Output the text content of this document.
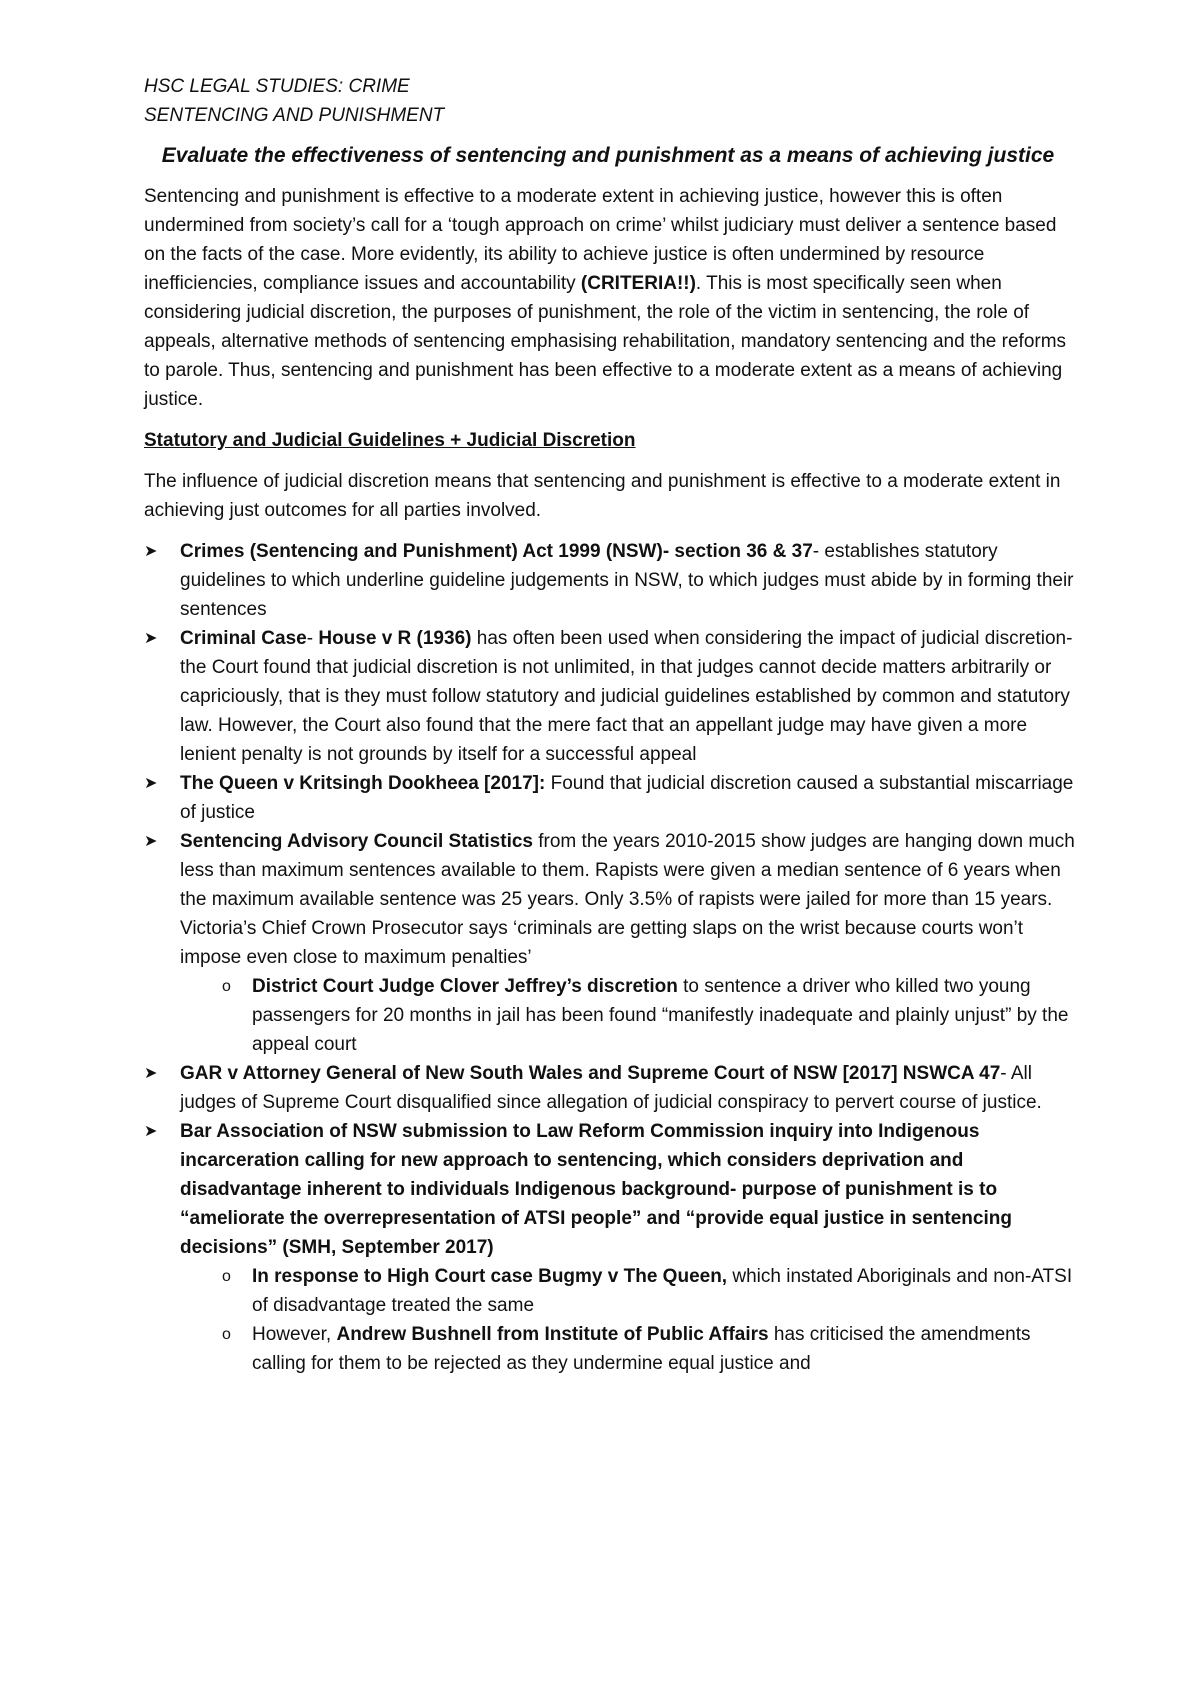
HSC LEGAL STUDIES: CRIME
SENTENCING AND PUNISHMENT
Evaluate the effectiveness of sentencing and punishment as a means of achieving justice

Sentencing and punishment is effective to a moderate extent in achieving justice, however this is often undermined from society’s call for a ‘tough approach on crime’ whilst judiciary must deliver a sentence based on the facts of the case. More evidently, its ability to achieve justice is often undermined by resource inefficiencies, compliance issues and accountability (CRITERIA!!). This is most specifically seen when considering judicial discretion, the purposes of punishment, the role of the victim in sentencing, the role of appeals, alternative methods of sentencing emphasising rehabilitation, mandatory sentencing and the reforms to parole. Thus, sentencing and punishment has been effective to a moderate extent as a means of achieving justice.

Statutory and Judicial Guidelines + Judicial Discretion

The influence of judicial discretion means that sentencing and punishment is effective to a moderate extent in achieving just outcomes for all parties involved.

➤	Crimes (Sentencing and Punishment) Act 1999 (NSW)- section 36 & 37- establishes statutory guidelines to which underline guideline judgements in NSW, to which judges must abide by in forming their sentences
➤	Criminal Case- House v R (1936) has often been used when considering the impact of judicial discretion- the Court found that judicial discretion is not unlimited, in that judges cannot decide matters arbitrarily or capriciously, that is they must follow statutory and judicial guidelines established by common and statutory law. However, the Court also found that the mere fact that an appellant judge may have given a more lenient penalty is not grounds by itself for a successful appeal
➤	The Queen v Kritsingh Dookheea [2017]: Found that judicial discretion caused a substantial miscarriage of justice
➤	Sentencing Advisory Council Statistics from the years 2010-2015 show judges are hanging down much less than maximum sentences available to them. Rapists were given a median sentence of 6 years when the maximum available sentence was 25 years. Only 3.5% of rapists were jailed for more than 15 years. Victoria’s Chief Crown Prosecutor says ‘criminals are getting slaps on the wrist because courts won’t impose even close to maximum penalties’
o District Court Judge Clover Jeffrey’s discretion to sentence a driver who killed two young passengers for 20 months in jail has been found “manifestly inadequate and plainly unjust” by the appeal court
➤	GAR v Attorney General of New South Wales and Supreme Court of NSW [2017] NSWCA 47- All judges of Supreme Court disqualified since allegation of judicial conspiracy to pervert course of justice.
➤	Bar Association of NSW submission to Law Reform Commission inquiry into Indigenous incarceration calling for new approach to sentencing, which considers deprivation and disadvantage inherent to individuals Indigenous background- purpose of punishment is to “ameliorate the overrepresentation of ATSI people” and “provide equal justice in sentencing decisions” (SMH, September 2017)
o In response to High Court case Bugmy v The Queen, which instated Aboriginals and non-ATSI of disadvantage treated the same
o However, Andrew Bushnell from Institute of Public Affairs has criticised the amendments calling for them to be rejected as they undermine equal justice and
